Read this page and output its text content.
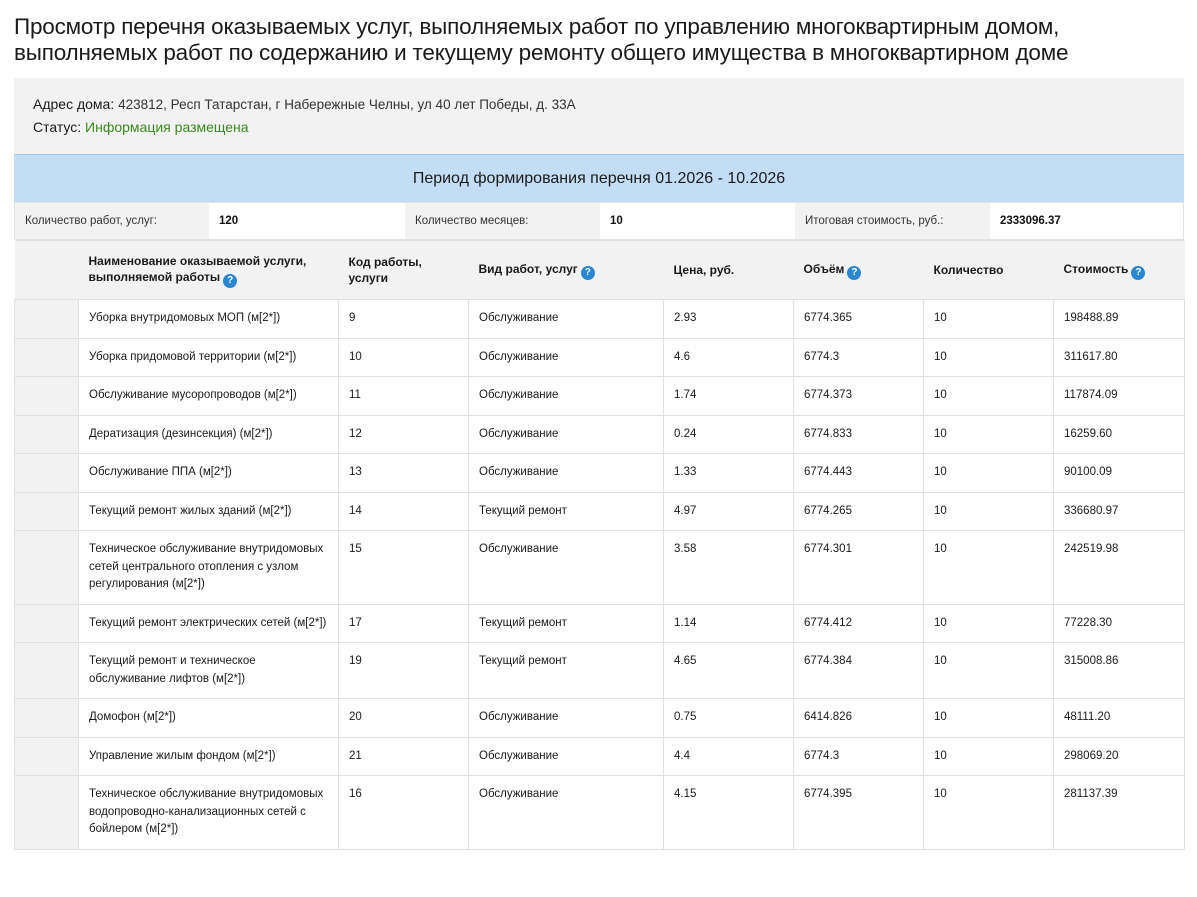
Просмотр перечня оказываемых услуг, выполняемых работ по управлению многоквартирным домом,
выполняемых работ по содержанию и текущему ремонту общего имущества в многоквартирном доме
Адрес дома: 423812, Респ Татарстан, г Набережные Челны, ул 40 лет Победы, д. 33А
Статус: Информация размещена
Период формирования перечня 01.2026 - 10.2026
Количество работ, услуг:	120	Количество месяцев:	10	Итоговая стоимость, руб.:	2333096.37
	Наименование оказываемой услуги, выполняемой работы ?	Код работы, услуги	Вид работ, услуг ?	Цена, руб.	Объём ?	Количество	Стоимость ?
	Уборка внутридомовых МОП (м[2*])	9	Обслуживание	2.93	6774.365	10	198488.89
	Уборка придомовой территории (м[2*])	10	Обслуживание	4.6	6774.3	10	311617.80
	Обслуживание мусоропроводов (м[2*])	11	Обслуживание	1.74	6774.373	10	117874.09
	Дератизация (дезинсекция) (м[2*])	12	Обслуживание	0.24	6774.833	10	16259.60
	Обслуживание ППА (м[2*])	13	Обслуживание	1.33	6774.443	10	90100.09
	Текущий ремонт жилых зданий (м[2*])	14	Текущий ремонт	4.97	6774.265	10	336680.97
	Техническое обслуживание внутридомовых сетей центрального отопления с узлом регулирования (м[2*])	15	Обслуживание	3.58	6774.301	10	242519.98
	Текущий ремонт электрических сетей (м[2*])	17	Текущий ремонт	1.14	6774.412	10	77228.30
	Текущий ремонт и техническое обслуживание лифтов (м[2*])	19	Текущий ремонт	4.65	6774.384	10	315008.86
	Домофон (м[2*])	20	Обслуживание	0.75	6414.826	10	48111.20
	Управление жилым фондом (м[2*])	21	Обслуживание	4.4	6774.3	10	298069.20
	Техническое обслуживание внутридомовых водопроводно-канализационных сетей с бойлером (м[2*])	16	Обслуживание	4.15	6774.395	10	281137.39
